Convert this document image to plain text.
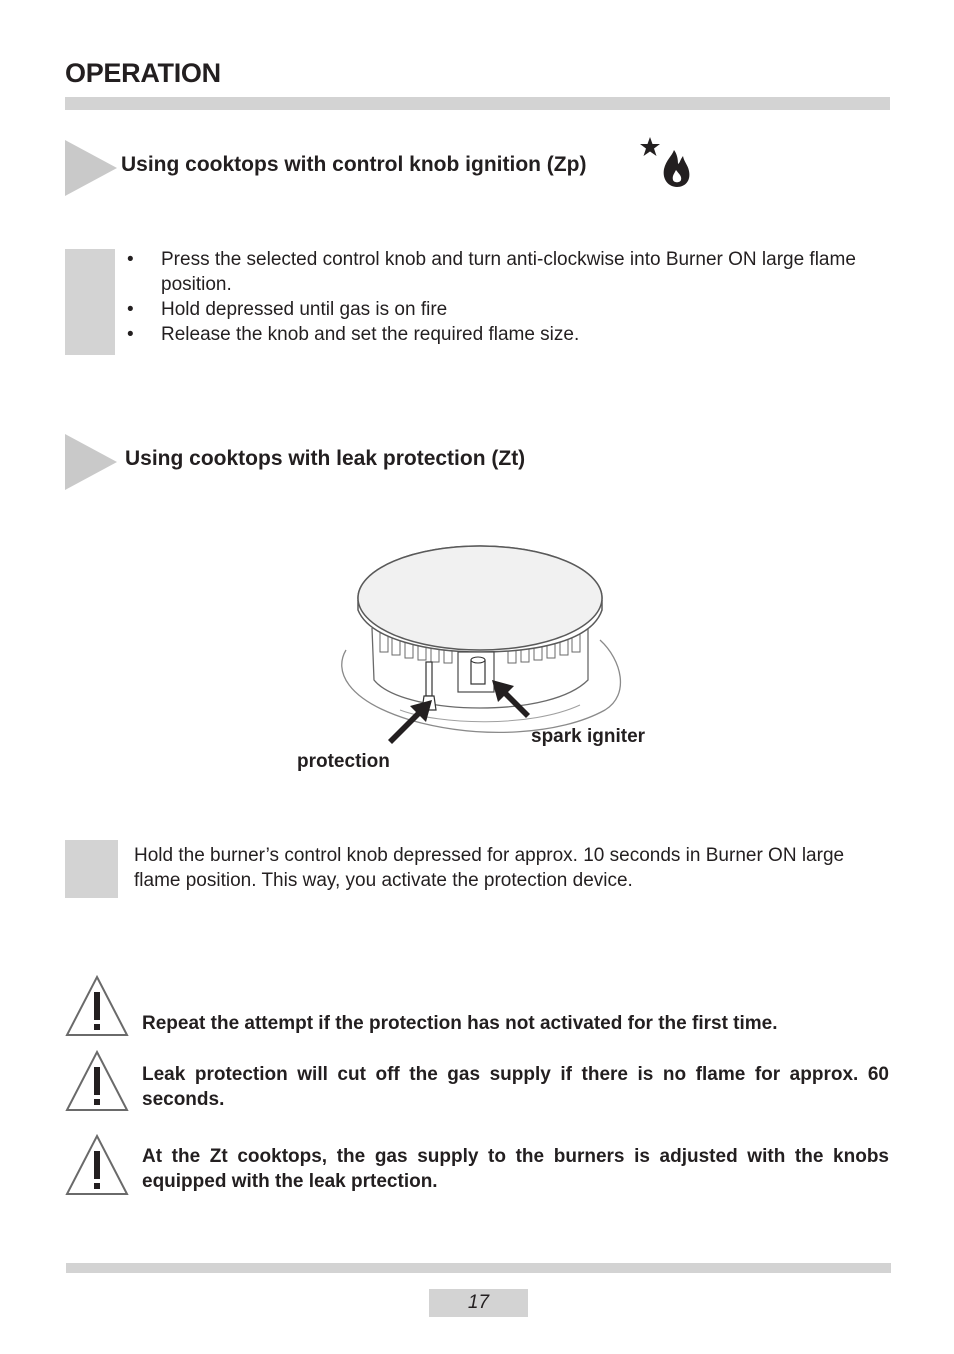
OPERATION
Using cooktops with control knob ignition (Zp)
• Press the selected control knob and turn anti-clockwise into Burner ON large flame position.
• Hold depressed until gas is on fire
• Release the knob and set the required flame size.
Using cooktops with leak protection (Zt)
spark igniter
protection
Hold the burner’s control knob depressed for approx. 10 seconds in Burner ON large flame position. This way, you activate the protection device.
Repeat the attempt if the protection has not activated for the first time.
Leak protection will cut off the gas supply if there is no flame for approx. 60 seconds.
At the Zt cooktops, the gas supply to the burners is adjusted with the knobs equipped with the leak prtection.
17
